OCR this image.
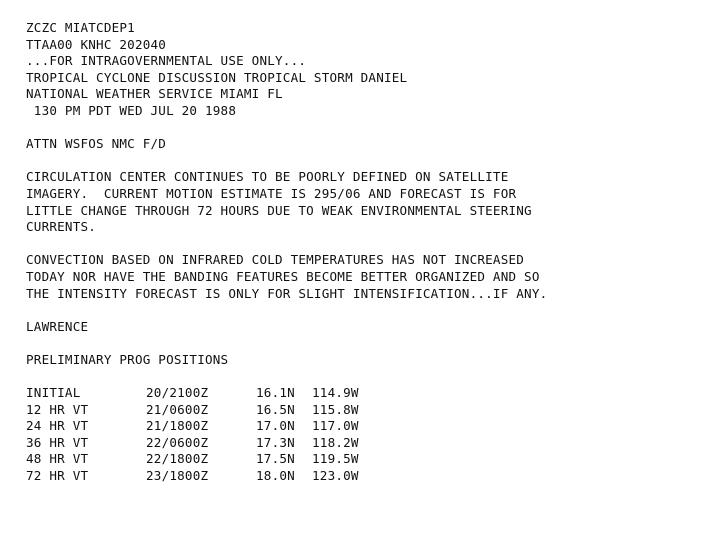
ZCZC MIATCDEP1
TTAA00 KNHC 202040
...FOR INTRAGOVERNMENTAL USE ONLY...
TROPICAL CYCLONE DISCUSSION TROPICAL STORM DANIEL
NATIONAL WEATHER SERVICE MIAMI FL
130 PM PDT WED JUL 20 1988
ATTN WSFOS NMC F/D
CIRCULATION CENTER CONTINUES TO BE POORLY DEFINED ON SATELLITE
IMAGERY.  CURRENT MOTION ESTIMATE IS 295/06 AND FORECAST IS FOR
LITTLE CHANGE THROUGH 72 HOURS DUE TO WEAK ENVIRONMENTAL STEERING
CURRENTS.
CONVECTION BASED ON INFRARED COLD TEMPERATURES HAS NOT INCREASED
TODAY NOR HAVE THE BANDING FEATURES BECOME BETTER ORGANIZED AND SO
THE INTENSITY FORECAST IS ONLY FOR SLIGHT INTENSIFICATION...IF ANY.
LAWRENCE
PRELIMINARY PROG POSITIONS
INITIAL	20/2100Z	16.1N	114.9W
12 HR VT	21/0600Z	16.5N	115.8W
24 HR VT	21/1800Z	17.0N	117.0W
36 HR VT	22/0600Z	17.3N	118.2W
48 HR VT	22/1800Z	17.5N	119.5W
72 HR VT	23/1800Z	18.0N	123.0W
